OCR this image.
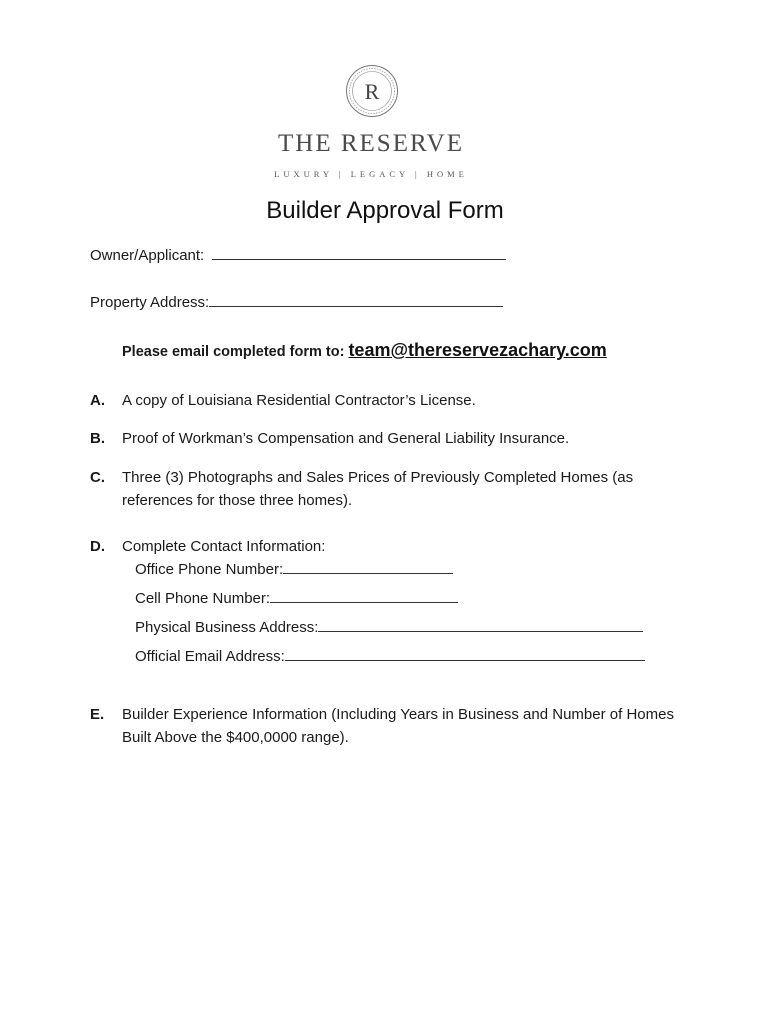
R
THE RESERVE
LUXURY | LEGACY | HOME
Builder Approval Form
Owner/Applicant:
Property Address:
Please email completed form to: team@thereservezachary.com
A. A copy of Louisiana Residential Contractor’s License.
B. Proof of Workman’s Compensation and General Liability Insurance.
C. Three (3) Photographs and Sales Prices of Previously Completed Homes (as references for those three homes).
D. Complete Contact Information:
Office Phone Number:
Cell Phone Number:
Physical Business Address:
Official Email Address:
E. Builder Experience Information (Including Years in Business and Number of Homes Built Above the $400,0000 range).
